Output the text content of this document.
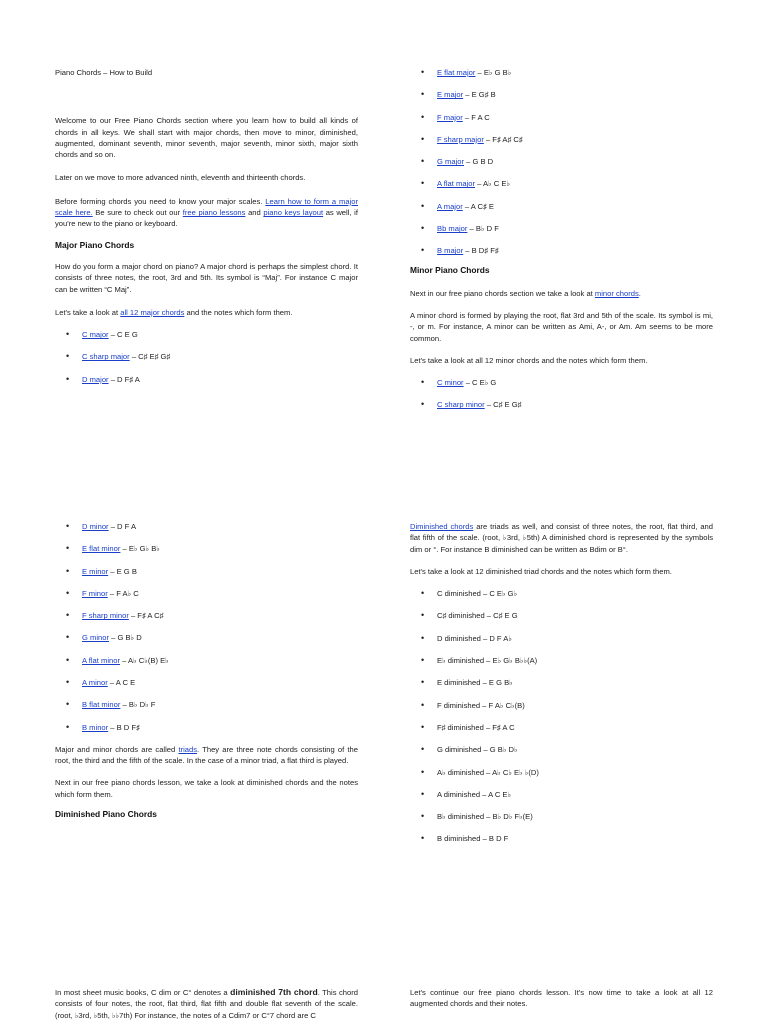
Piano Chords – How to Build
Welcome to our Free Piano Chords section where you learn how to build all kinds of chords in all keys. We shall start with major chords, then move to minor, diminished, augmented, dominant seventh, minor seventh, major seventh, minor sixth, major sixth chords and so on.
Later on we move to more advanced ninth, eleventh and thirteenth chords.
Before forming chords you need to know your major scales. Learn how to form a major scale here. Be sure to check out our free piano lessons and piano keys layout as well, if you're new to the piano or keyboard.
Major Piano Chords
How do you form a major chord on piano? A major chord is perhaps the simplest chord. It consists of three notes, the root, 3rd and 5th. Its symbol is “Maj”. For instance C major can be written “C Maj”.
Let's take a look at all 12 major chords and the notes which form them.
• C major – C E G
• C sharp major – C♯ E♯ G♯
• D major – D F♯ A
• E flat major – E♭ G B♭
• E major – E G♯ B
• F major – F A C
• F sharp major – F♯ A♯ C♯
• G major – G B D
• A flat major – A♭ C E♭
• A major – A C♯ E
• Bb major – B♭ D F
• B major – B D♯ F♯
Minor Piano Chords
Next in our free piano chords section we take a look at minor chords.
A minor chord is formed by playing the root, flat 3rd and 5th of the scale. Its symbol is mi, -, or m. For instance, A minor can be written as Ami, A-, or Am. Am seems to be more common.
Let's take a look at all 12 minor chords and the notes which form them.
• C minor – C E♭ G
• C sharp minor – C♯ E G♯
• D minor – D F A
• E flat minor – E♭ G♭ B♭
• E minor – E G B
• F minor – F A♭ C
• F sharp minor – F♯ A C♯
• G minor – G B♭ D
• A flat minor – A♭ C♭(B) E♭
• A minor – A C E
• B flat minor – B♭ D♭ F
• B minor – B D F♯
Major and minor chords are called triads. They are three note chords consisting of the root, the third and the fifth of the scale. In the case of a minor triad, a flat third is played.
Next in our free piano chords lesson, we take a look at diminished chords and the notes which form them.
Diminished Piano Chords
Diminished chords are triads as well, and consist of three notes, the root, flat third, and flat fifth of the scale. (root, ♭3rd, ♭5th) A diminished chord is represented by the symbols dim or °. For instance B diminished can be written as Bdim or B°.
Let's take a look at 12 diminished triad chords and the notes which form them.
• C diminished – C E♭ G♭
• C♯ diminished – C♯ E G
• D diminished – D F A♭
• E♭ diminished – E♭ G♭ B♭♭(A)
• E diminished – E G B♭
• F diminished – F A♭ C♭(B)
• F♯ diminished – F♯ A C
• G diminished – G B♭ D♭
• A♭ diminished – A♭ C♭ E♭ ♭(D)
• A diminished – A C E♭
• B♭ diminished – B♭ D♭ F♭(E)
• B diminished – B D F
In most sheet music books, C dim or C° denotes a diminished 7th chord. This chord consists of four notes, the root, flat third, flat fifth and double flat seventh of the scale. (root, ♭3rd, ♭5th, ♭♭7th) For instance, the notes of a Cdim7 or C°7 chord are C
Let's continue our free piano chords lesson. It's now time to take a look at all 12 augmented chords and their notes.
